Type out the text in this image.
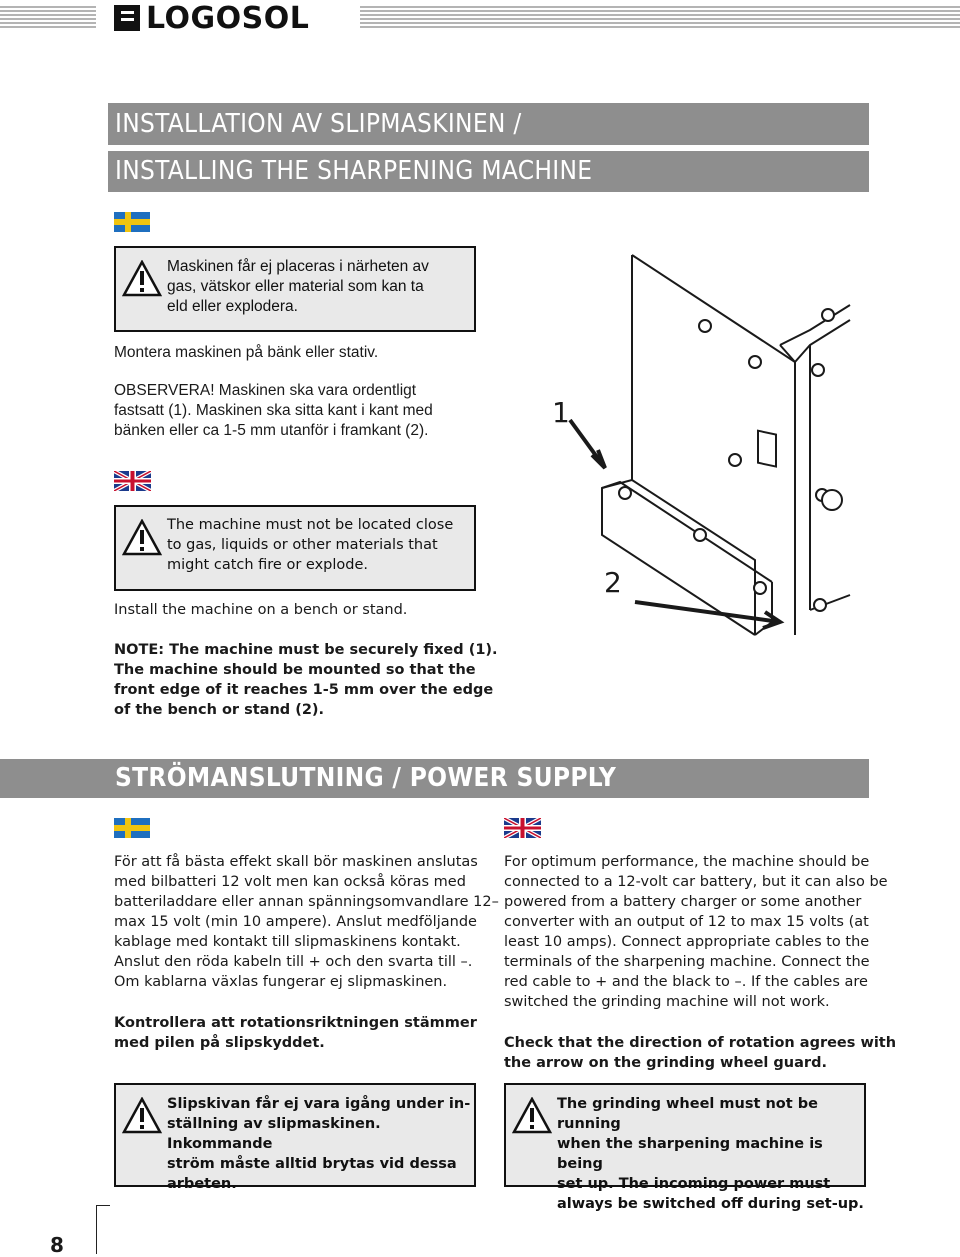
LOGOSOL
INSTALLATION AV SLIPMASKINEN /
INSTALLING THE SHARPENING MACHINE
Maskinen får ej placeras i närheten av
gas, vätskor eller material som kan ta
eld eller explodera.
Montera maskinen på bänk eller stativ.
OBSERVERA! Maskinen ska vara ordentligt
fastsatt (1). Maskinen ska sitta kant i kant med
bänken eller ca 1-5 mm utanför i framkant (2).
The machine must not be located close
to gas, liquids or other materials that
might catch fire or explode.
Install the machine on a bench or stand.
NOTE: The machine must be securely fixed (1).
The machine should be mounted so that the
front edge of it reaches 1-5 mm over the edge
of the bench or stand (2).
1
2
STRÖMANSLUTNING / POWER SUPPLY
För att få bästa effekt skall bör maskinen anslutas
med bilbatteri 12 volt men kan också köras med
batteriladdare eller annan spänningsomvandlare 12–
max 15 volt (min 10 ampere). Anslut medföljande
kablage med kontakt till slipmaskinens kontakt.
Anslut den röda kabeln till + och den svarta till –.
Om kablarna växlas fungerar ej slipmaskinen.
Kontrollera att rotationsriktningen stämmer
med pilen på slipskyddet.
Slipskivan får ej vara igång under in-
ställning av slipmaskinen. Inkommande
ström måste alltid brytas vid dessa
arbeten.
For optimum performance, the machine should be
connected to a 12-volt car battery, but it can also be
powered from a battery charger or some another
converter with an output of 12 to max 15 volts (at
least 10 amps). Connect appropriate cables to the
terminals of the sharpening machine. Connect the
red cable to + and the black to –. If the cables are
switched the grinding machine will not work.
Check that the direction of rotation agrees with
the arrow on the grinding wheel guard.
The grinding wheel must not be running
when the sharpening machine is being
set up. The incoming power must
always be switched off during set-up.
8
